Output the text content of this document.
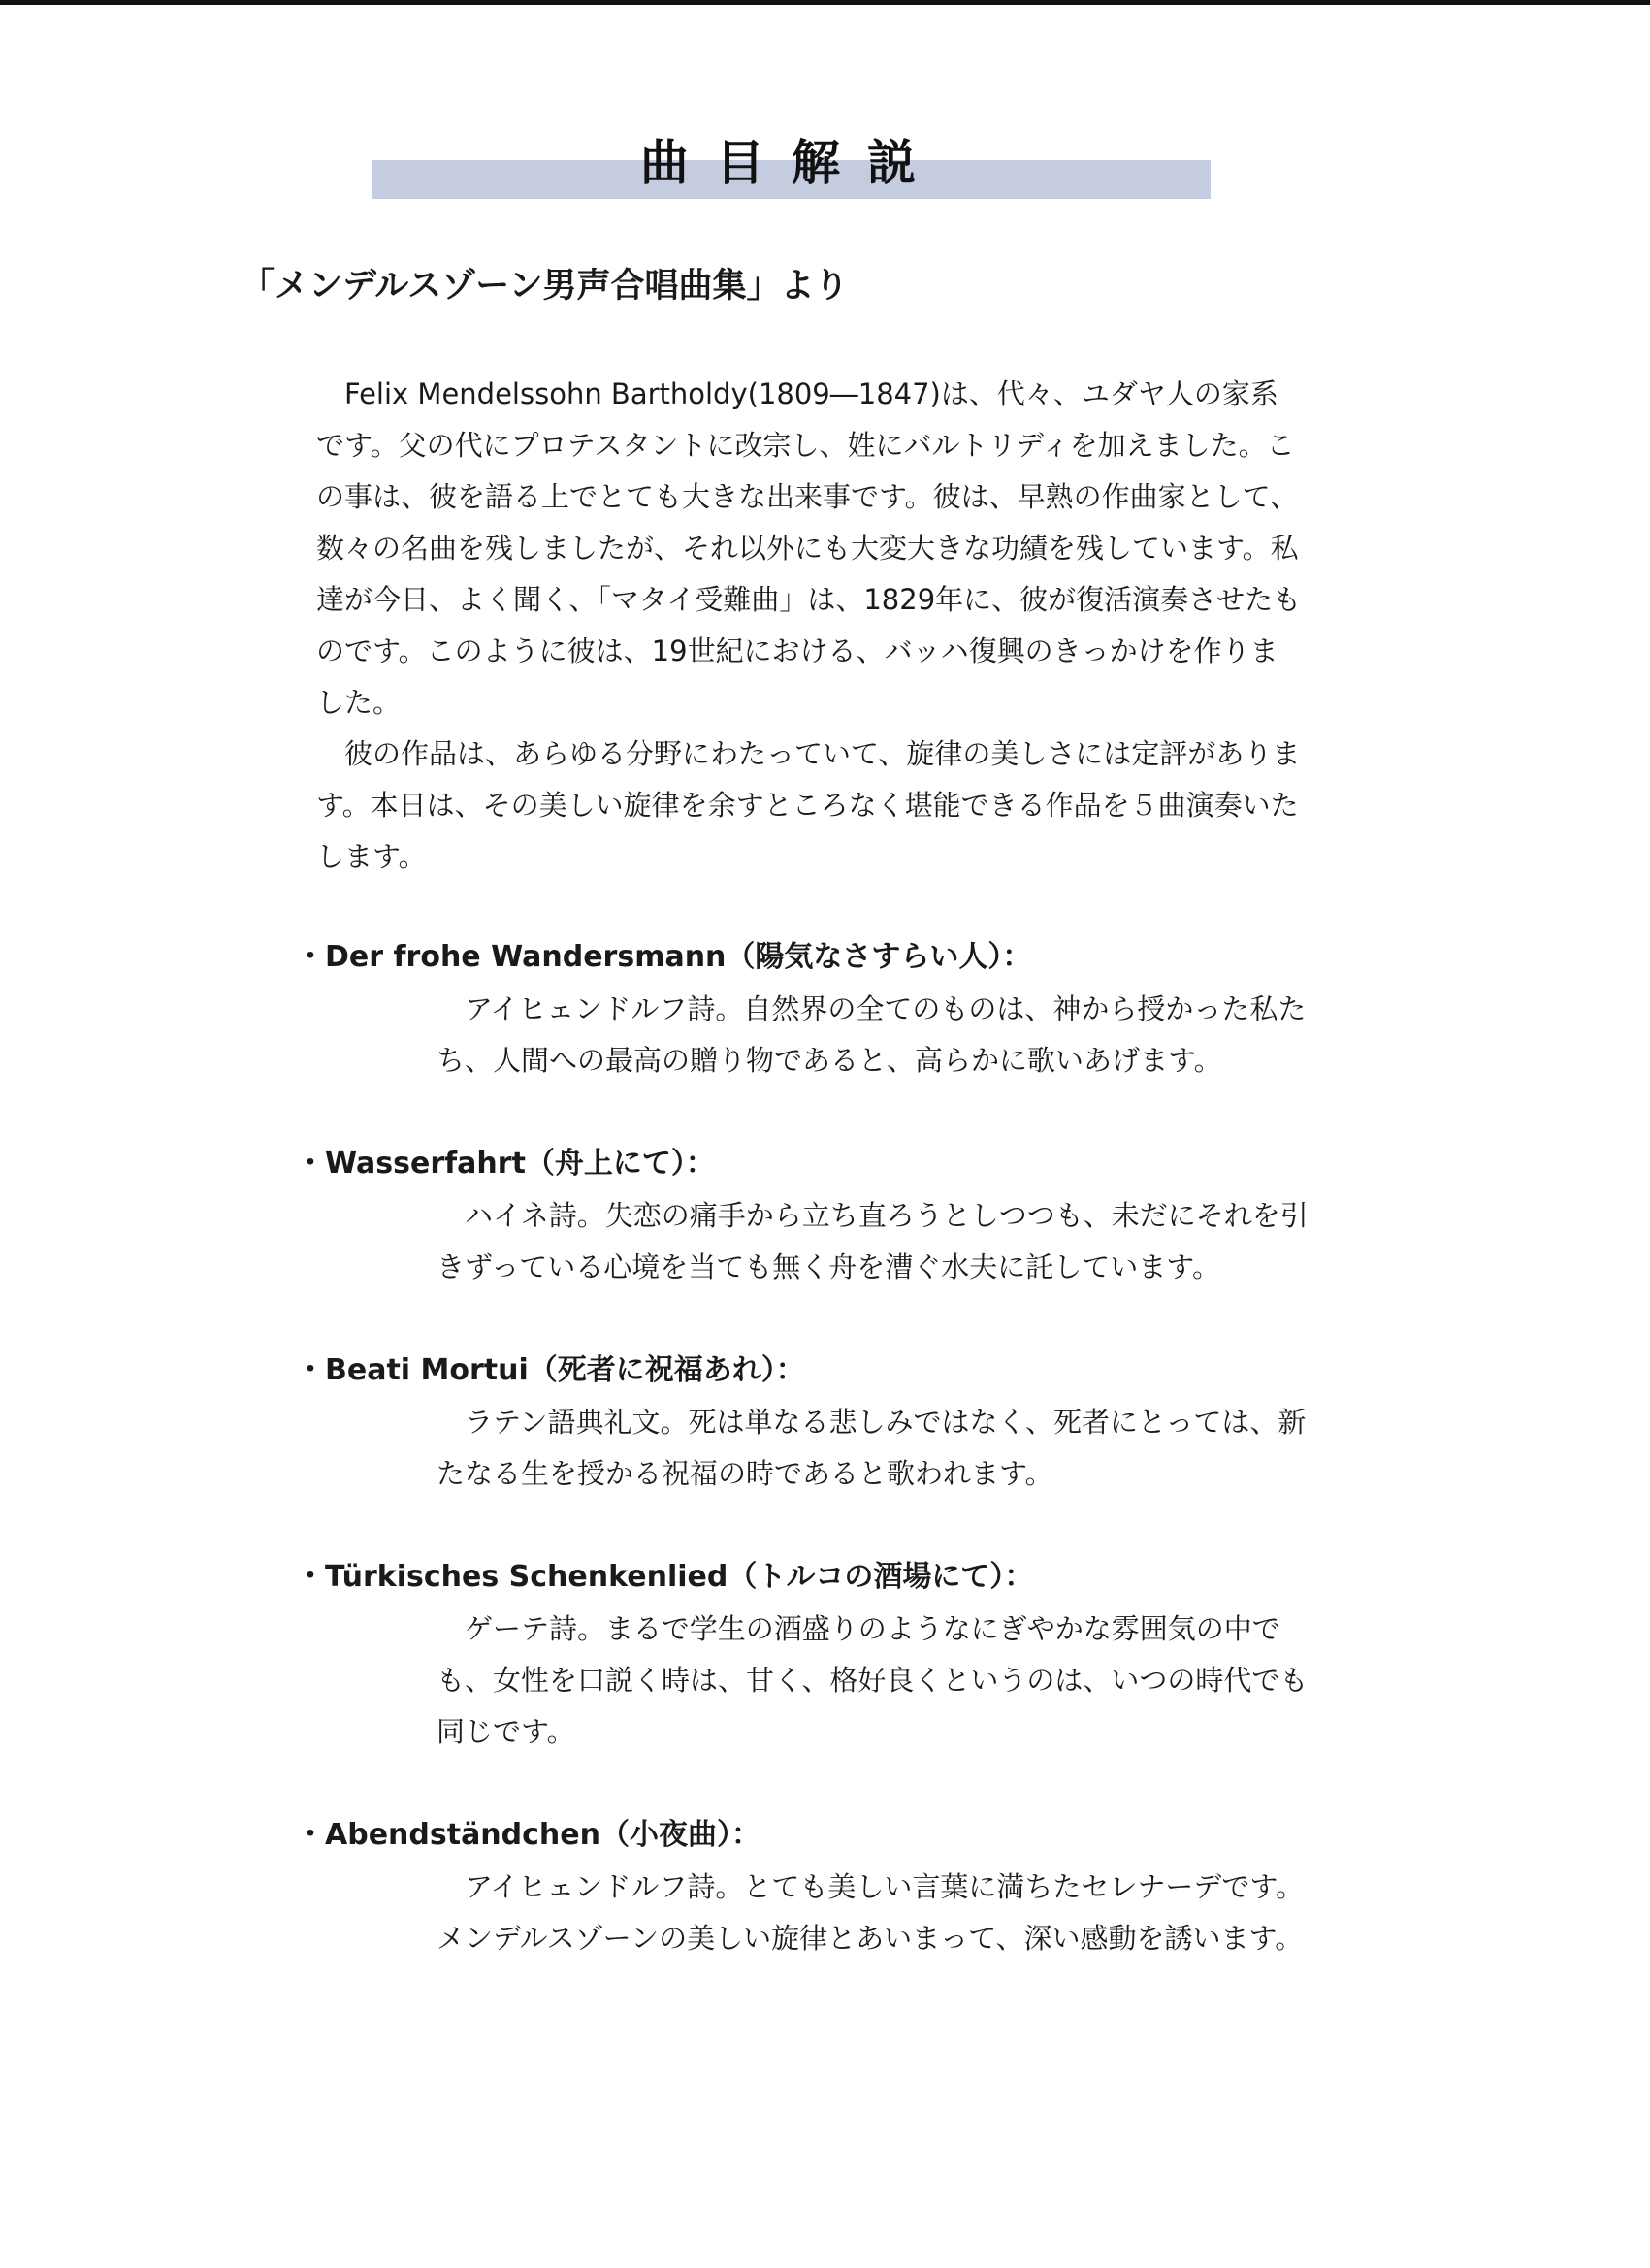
曲目解説
「メンデルスゾーン男声合唱曲集」より

Felix Mendelssohn Bartholdy(1809―1847)は、代々、ユダヤ人の家系です。父の代にプロテスタントに改宗し、姓にバルトリディを加えました。この事は、彼を語る上でとても大きな出来事です。彼は、早熟の作曲家として、数々の名曲を残しましたが、それ以外にも大変大きな功績を残しています。私達が今日、よく聞く、「マタイ受難曲」は、1829年に、彼が復活演奏させたものです。このように彼は、19世紀における、バッハ復興のきっかけを作りました。

彼の作品は、あらゆる分野にわたっていて、旋律の美しさには定評があります。本日は、その美しい旋律を余すところなく堪能できる作品を５曲演奏いたします。

・Der frohe Wandersmann（陽気なさすらい人）：
アイヒェンドルフ詩。自然界の全てのものは、神から授かった私たち、人間への最高の贈り物であると、高らかに歌いあげます。
・Wasserfahrt（舟上にて）：
ハイネ詩。失恋の痛手から立ち直ろうとしつつも、未だにそれを引きずっている心境を当ても無く舟を漕ぐ水夫に託しています。
・Beati Mortui（死者に祝福あれ）：
ラテン語典礼文。死は単なる悲しみではなく、死者にとっては、新たなる生を授かる祝福の時であると歌われます。
・Türkisches Schenkenlied（トルコの酒場にて）：
ゲーテ詩。まるで学生の酒盛りのようなにぎやかな雰囲気の中でも、女性を口説く時は、甘く、格好良くというのは、いつの時代でも同じです。
・Abendständchen（小夜曲）：
アイヒェンドルフ詩。とても美しい言葉に満ちたセレナーデです。メンデルスゾーンの美しい旋律とあいまって、深い感動を誘います。
